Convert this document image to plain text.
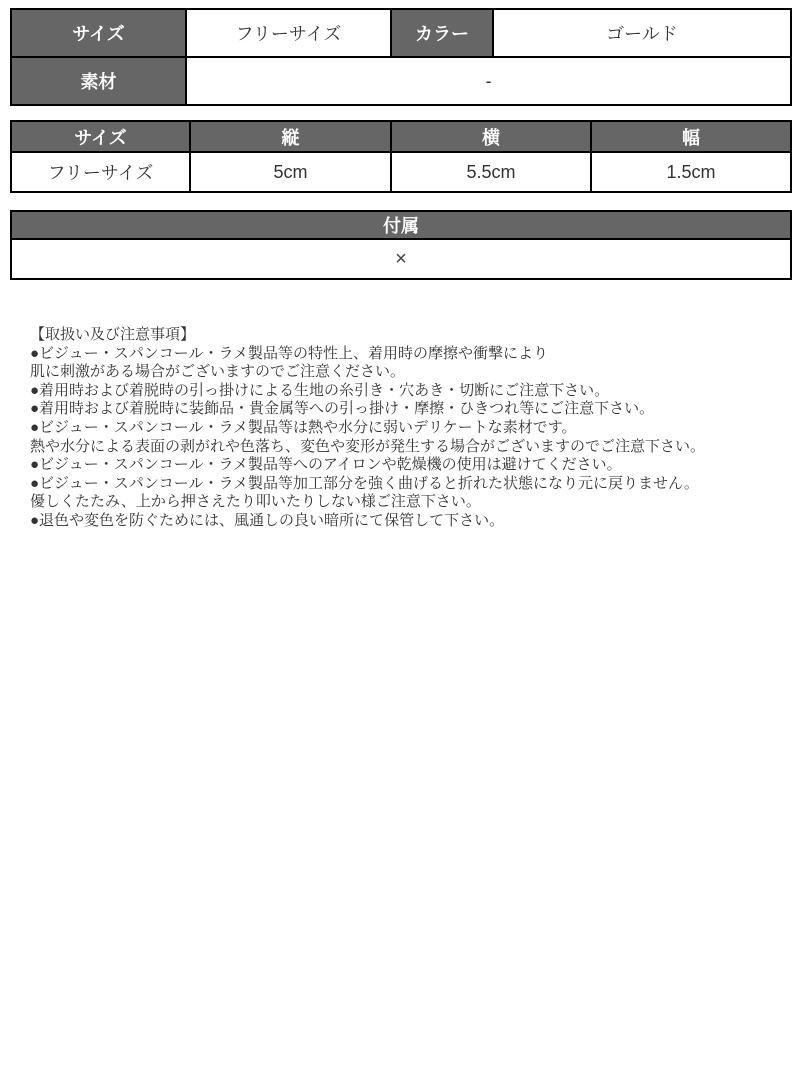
サイズ	フリーサイズ	カラー	ゴールド
素材	-		
サイズ	縦	横	幅
フリーサイズ	5cm	5.5cm	1.5cm
付属
×
【取扱い及び注意事項】
●ビジュー・スパンコール・ラメ製品等の特性上、着用時の摩擦や衝撃により
肌に刺激がある場合がございますのでご注意ください。
●着用時および着脱時の引っ掛けによる生地の糸引き・穴あき・切断にご注意下さい。
●着用時および着脱時に装飾品・貴金属等への引っ掛け・摩擦・ひきつれ等にご注意下さい。
●ビジュー・スパンコール・ラメ製品等は熱や水分に弱いデリケートな素材です。
熱や水分による表面の剥がれや色落ち、変色や変形が発生する場合がございますのでご注意下さい。
●ビジュー・スパンコール・ラメ製品等へのアイロンや乾燥機の使用は避けてください。
●ビジュー・スパンコール・ラメ製品等加工部分を強く曲げると折れた状態になり元に戻りません。
優しくたたみ、上から押さえたり叩いたりしない様ご注意下さい。
●退色や変色を防ぐためには、風通しの良い暗所にて保管して下さい。
